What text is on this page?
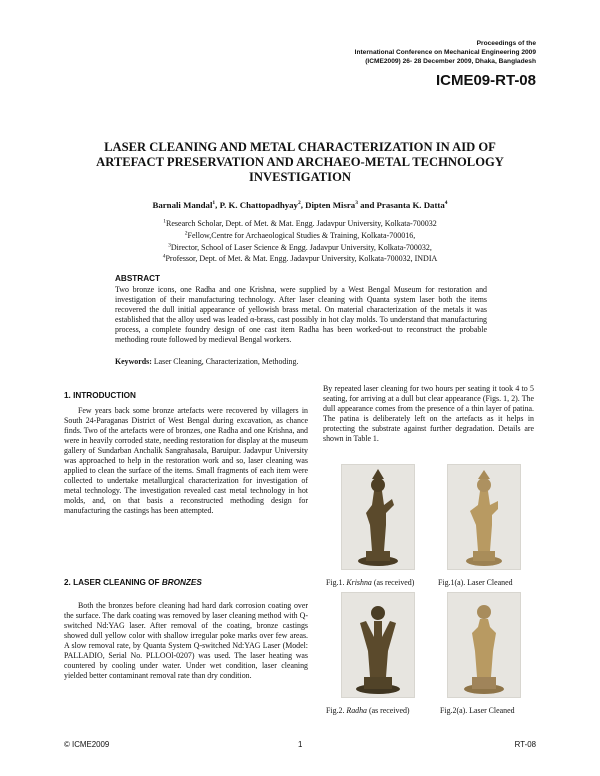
Proceedings of the
International Conference on Mechanical Engineering 2009
(ICME2009) 26- 28 December 2009, Dhaka, Bangladesh
ICME09-RT-08
LASER CLEANING AND METAL CHARACTERIZATION IN AID OF
ARTEFACT PRESERVATION AND ARCHAEO-METAL TECHNOLOGY
INVESTIGATION
Barnali Mandal$^1$, P. K. Chattopadhyay$^2$, Dipten Misra$^3$ and Prasanta K. Datta$^4$
$^1$Research Scholar, Dept. of Met. & Mat. Engg. Jadavpur University, Kolkata-700032
$^2$Fellow,Centre for Archaeological Studies & Training, Kolkata-700016,
$^3$Director, School of Laser Science & Engg. Jadavpur University, Kolkata-700032,
$^4$Professor, Dept. of Met. & Mat. Engg. Jadavpur University, Kolkata-700032, INDIA
ABSTRACT
Two bronze icons, one Radha and one Krishna, were supplied by a West Bengal Museum for restoration and investigation of their manufacturing technology. After laser cleaning with Quanta system laser both the items recovered the dull initial appearance of yellowish brass metal. On material characterization of the metals it was established that the alloy used was leaded α-brass, cast possibly in hot clay molds. To understand that manufacturing process, a complete foundry design of one cast item Radha has been worked-out to reconstruct the probable methoding route followed by medieval Bengal workers.
Keywords: Laser Cleaning, Characterization, Methoding.
1. INTRODUCTION

Few years back some bronze artefacts were recovered by villagers in South 24-Paraganas District of West Bengal during excavation, as chance finds. Two of the artefacts were of bronzes, one Radha and one Krishna, and were in heavily corroded state, needing restoration for display at the museum gallery of Sundarban Anchalik Sangrahasala, Baruipur. Jadavpur University was approached to help in the restoration work and so, laser cleaning was applied to clean the surface of the items. Small fragments of each item were collected to undertake metallurgical characterization for investigation of metal technology. The investigation revealed cast metal technology in hot molds, and, on that basis a reconstructed methoding design for manufacturing the castings has been attempted.

2. LASER CLEANING OF BRONZES

Both the bronzes before cleaning had hard dark corrosion coating over the surface. The dark coating was removed by laser cleaning method with Q-switched Nd:YAG laser. After removal of the coating, bronze castings showed dull yellow color with shallow irregular poke marks over few areas. A slow removal rate, by Quanta System Q-switched Nd:YAG Laser (Model: PALLADIO, Serial No. PLLOOl-0207) was used. The laser heating was countered by cooling under water. Under wet condition, laser cleaning yielded better contaminant removal rate than dry condition.

By repeated laser cleaning for two hours per seating it took 4 to 5 seating, for arriving at a dull but clear appearance (Figs. 1, 2). The dull appearance comes from the presence of a thin layer of patina. The patina is deliberately left on the artefacts as it helps in protecting the substrate against further degradation. Details are shown in Table 1.

Fig.1. Krishna (as received)	Fig.1(a). Laser Cleaned
Fig.2. Radha (as received)	Fig.2(a). Laser Cleaned
© ICME2009	1	RT-08
